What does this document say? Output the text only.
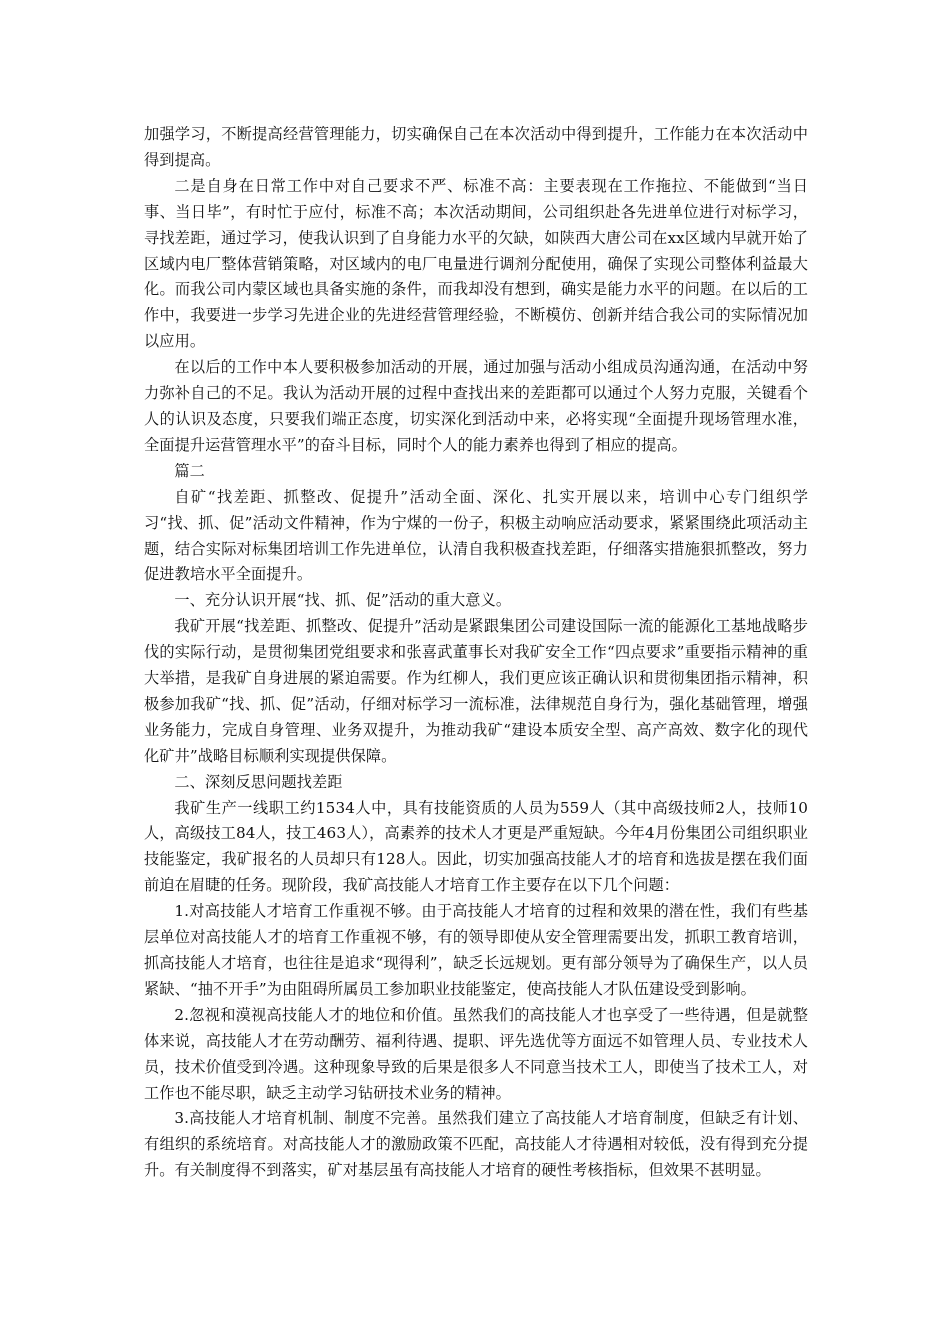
加强学习，不断提高经营管理能力，切实确保自己在本次活动中得到提升，工作能力在本次活动中得到提高。

二是自身在日常工作中对自己要求不严、标准不高：主要表现在工作拖拉、不能做到“当日事、当日毕”，有时忙于应付，标准不高；本次活动期间，公司组织赴各先进单位进行对标学习，寻找差距，通过学习，使我认识到了自身能力水平的欠缺，如陕西大唐公司在xx区域内早就开始了区域内电厂整体营销策略，对区域内的电厂电量进行调剂分配使用，确保了实现公司整体利益最大化。而我公司内蒙区域也具备实施的条件，而我却没有想到，确实是能力水平的问题。在以后的工作中，我要进一步学习先进企业的先进经营管理经验，不断模仿、创新并结合我公司的实际情况加以应用。

在以后的工作中本人要积极参加活动的开展，通过加强与活动小组成员沟通沟通，在活动中努力弥补自己的不足。我认为活动开展的过程中查找出来的差距都可以通过个人努力克服，关键看个人的认识及态度，只要我们端正态度，切实深化到活动中来，必将实现“全面提升现场管理水准，全面提升运营管理水平”的奋斗目标，同时个人的能力素养也得到了相应的提高。

篇二

自矿“找差距、抓整改、促提升”活动全面、深化、扎实开展以来，培训中心专门组织学习“找、抓、促”活动文件精神，作为宁煤的一份子，积极主动响应活动要求，紧紧围绕此项活动主题，结合实际对标集团培训工作先进单位，认清自我积极查找差距，仔细落实措施狠抓整改，努力促进教培水平全面提升。

一、充分认识开展“找、抓、促”活动的重大意义。

我矿开展“找差距、抓整改、促提升”活动是紧跟集团公司建设国际一流的能源化工基地战略步伐的实际行动，是贯彻集团党组要求和张喜武董事长对我矿安全工作“四点要求”重要指示精神的重大举措，是我矿自身进展的紧迫需要。作为红柳人，我们更应该正确认识和贯彻集团指示精神，积极参加我矿“找、抓、促”活动，仔细对标学习一流标准，法律规范自身行为，强化基础管理，增强业务能力，完成自身管理、业务双提升，为推动我矿“建设本质安全型、高产高效、数字化的现代化矿井”战略目标顺利实现提供保障。

二、深刻反思问题找差距

我矿生产一线职工约1534人中，具有技能资质的人员为559人（其中高级技师2人，技师10人，高级技工84人，技工463人），高素养的技术人才更是严重短缺。今年4月份集团公司组织职业技能鉴定，我矿报名的人员却只有128人。因此，切实加强高技能人才的培育和选拔是摆在我们面前迫在眉睫的任务。现阶段，我矿高技能人才培育工作主要存在以下几个问题：

1.对高技能人才培育工作重视不够。由于高技能人才培育的过程和效果的潜在性，我们有些基层单位对高技能人才的培育工作重视不够，有的领导即使从安全管理需要出发，抓职工教育培训，抓高技能人才培育，也往往是追求“现得利”，缺乏长远规划。更有部分领导为了确保生产，以人员紧缺、“抽不开手”为由阻碍所属员工参加职业技能鉴定，使高技能人才队伍建设受到影响。

2.忽视和漠视高技能人才的地位和价值。虽然我们的高技能人才也享受了一些待遇，但是就整体来说，高技能人才在劳动酬劳、福利待遇、提职、评先选优等方面远不如管理人员、专业技术人员，技术价值受到冷遇。这种现象导致的后果是很多人不同意当技术工人，即使当了技术工人，对工作也不能尽职，缺乏主动学习钻研技术业务的精神。

3.高技能人才培育机制、制度不完善。虽然我们建立了高技能人才培育制度，但缺乏有计划、有组织的系统培育。对高技能人才的激励政策不匹配，高技能人才待遇相对较低，没有得到充分提升。有关制度得不到落实，矿对基层虽有高技能人才培育的硬性考核指标，但效果不甚明显。
